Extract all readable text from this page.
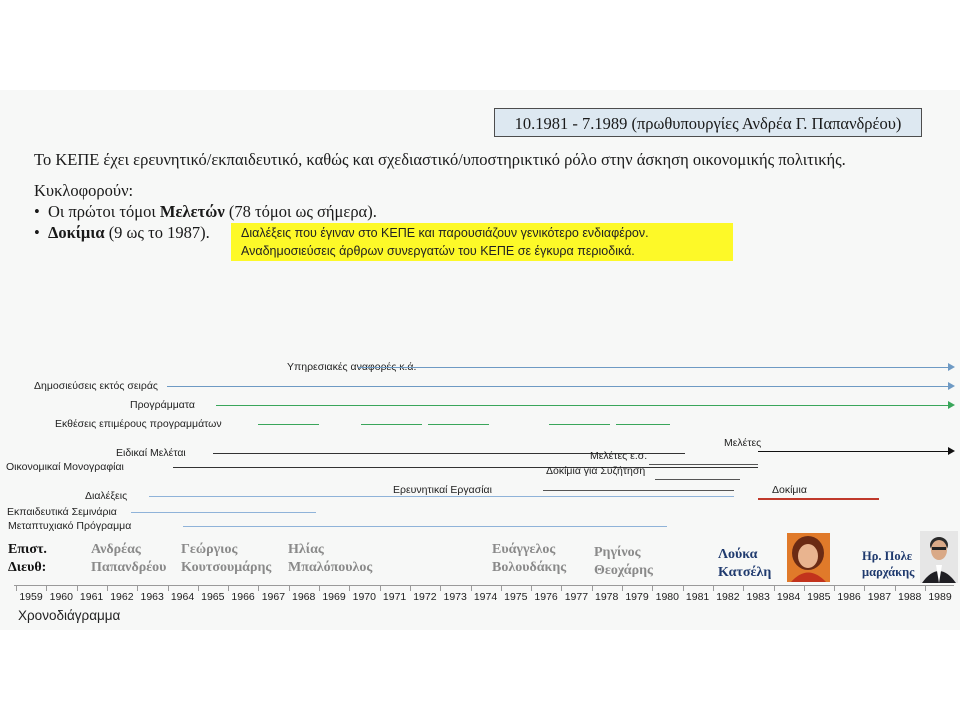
10.1981 - 7.1989 (πρωθυπουργίες Ανδρέα Γ. Παπανδρέου)
Το ΚΕΠΕ έχει ερευνητικό/εκπαιδευτικό, καθώς και σχεδιαστικό/υποστηρικτικό ρόλο στην άσκηση οικονομικής πολιτικής.
Κυκλοφορούν:
• Οι πρώτοι τόμοι Μελετών (78 τόμοι ως σήμερα).
• Δοκίμια (9 ως το 1987).	Διαλέξεις που έγιναν στο ΚΕΠΕ και παρουσιάζουν γενικότερο ενδιαφέρον.
Αναδημοσιεύσεις άρθρων συνεργατών του ΚΕΠΕ σε έγκυρα περιοδικά.
Υπηρεσιακές αναφορές κ.ά.
Δημοσιεύσεις εκτός σειράς
Προγράμματα
Εκθέσεις επιμέρους προγραμμάτων
Ειδικαί Μελέται
Μελέτες
Οικονομικαί Μονογραφίαι
Μελέτες ε.σ.
Δοκίμια για Συζήτηση
Ερευνητικαί Εργασίαι	Δοκίμια
Διαλέξεις
Εκπαιδευτικά Σεμινάρια
Μεταπτυχιακό Πρόγραμμα
Επιστ.
Διευθ:
Ανδρέας
Παπανδρέου
Γεώργιος
Κουτσουμάρης
Ηλίας
Μπαλόπουλος
Ευάγγελος
Βολουδάκης
Ρηγίνος
Θεοχάρης
Λούκα
Κατσέλη
Ηρ. Πολε
μαρχάκης
1959 1960 1961 1962 1963 1964 1965 1966 1967 1968 1969 1970 1971 1972 1973 1974 1975 1976 1977 1978 1979 1980 1981 1982 1983 1984 1985 1986 1987 1988 1989
Χρονοδιάγραμμα
